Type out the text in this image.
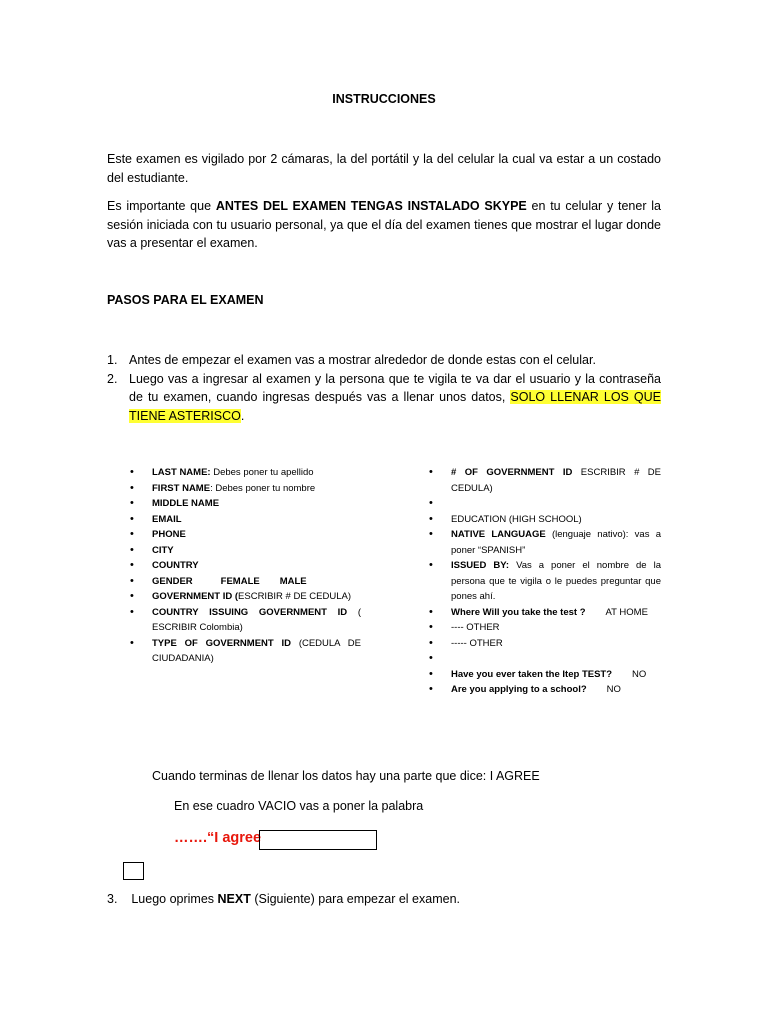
INSTRUCCIONES
Este examen es vigilado por 2 cámaras, la del portátil y la del celular la cual va estar a un costado del estudiante.
Es importante que ANTES DEL EXAMEN TENGAS INSTALADO SKYPE en tu celular y tener la sesión iniciada con tu usuario personal, ya que el día del examen tienes que mostrar el lugar donde vas a presentar el examen.
PASOS PARA EL EXAMEN
1. Antes de empezar el examen vas a mostrar alrededor de donde estas con el celular.
2. Luego vas a ingresar al examen y la persona que te vigila te va dar el usuario y la contraseña de tu examen, cuando ingresas después vas a llenar unos datos, SOLO LLENAR LOS QUE TIENE ASTERISCO.
• LAST NAME: Debes poner tu apellido
• FIRST NAME: Debes poner tu nombre
• MIDDLE NAME
• EMAIL
• PHONE
• CITY
• COUNTRY
• GENDER	FEMALE MALE
• GOVERNMENT ID (ESCRIBIR # DE CEDULA)
• COUNTRY ISSUING GOVERNMENT ID ( ESCRIBIR Colombia)
• TYPE OF GOVERNMENT ID (CEDULA DE CIUDADANIA)
• # OF GOVERNMENT ID ESCRIBIR # DE CEDULA)
•
• EDUCATION (HIGH SCHOOL)
• NATIVE LANGUAGE (lenguaje nativo): vas a poner “SPANISH”
• ISSUED BY: Vas a poner el nombre de la persona que te vigila o le puedes preguntar que pones ahí.
• Where Will you take the test ? AT HOME
• ---- OTHER
• ----- OTHER
•
• Have you ever taken the Itep TEST? NO
• Are you applying to a school? NO
Cuando terminas de llenar los datos hay una parte que dice: I AGREE
En ese cuadro VACIO vas a poner la palabra
…….“I agree
3. Luego oprimes NEXT (Siguiente) para empezar el examen.
